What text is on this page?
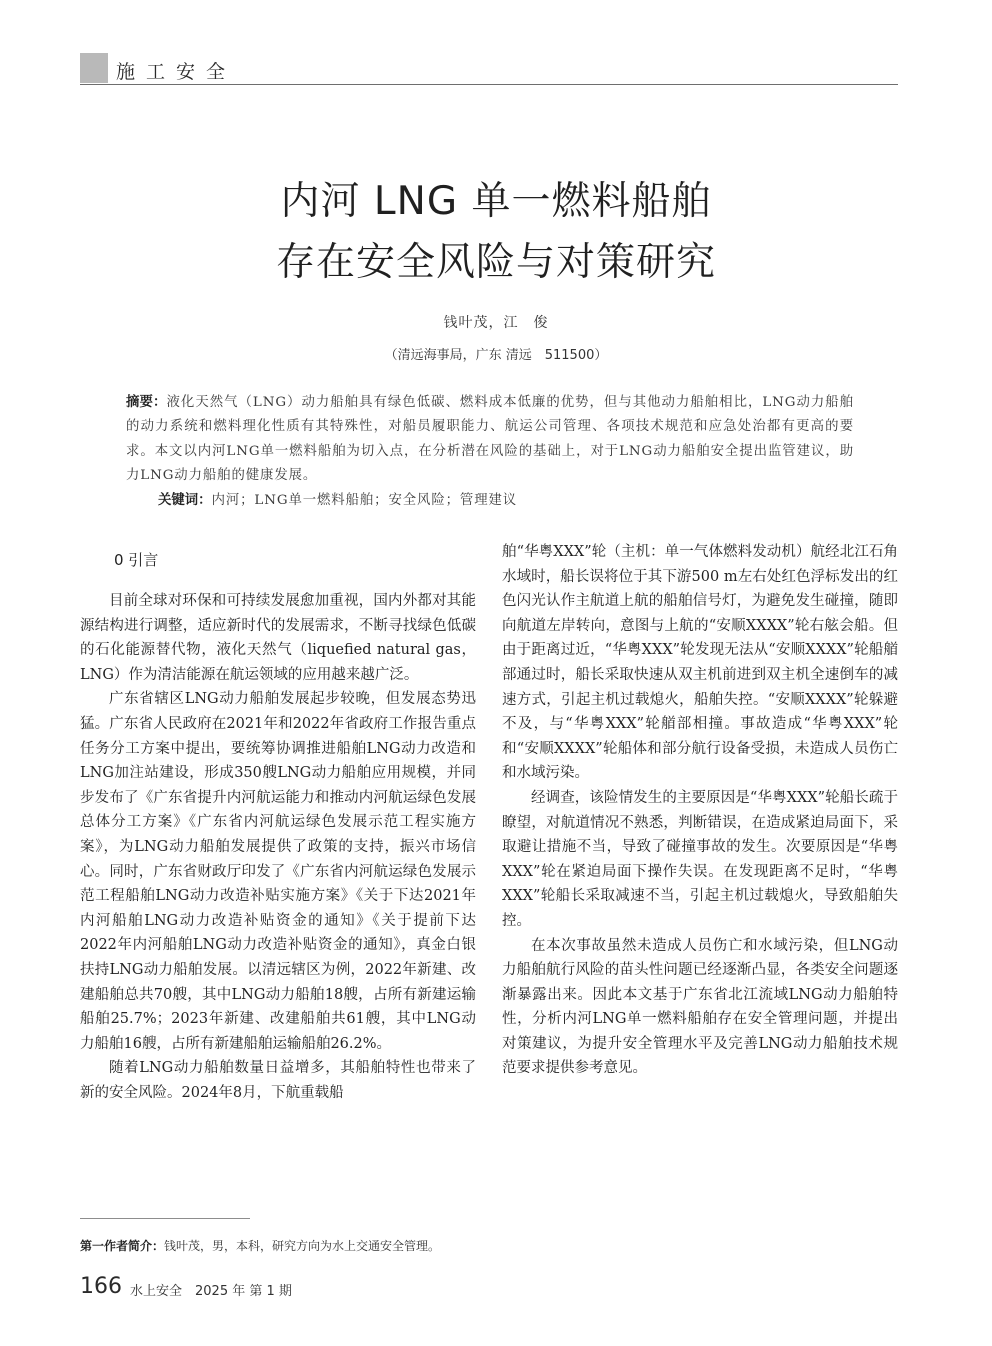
施工安全
内河 LNG 单一燃料船舶
存在安全风险与对策研究
钱叶茂，江　俊
（清远海事局，广东 清远　511500）
摘要：液化天然气（LNG）动力船舶具有绿色低碳、燃料成本低廉的优势，但与其他动力船舶相比，LNG动力船舶的动力系统和燃料理化性质有其特殊性，对船员履职能力、航运公司管理、各项技术规范和应急处治都有更高的要求。本文以内河LNG单一燃料船舶为切入点，在分析潜在风险的基础上，对于LNG动力船舶安全提出监管建议，助力LNG动力船舶的健康发展。
关键词：内河；LNG单一燃料船舶；安全风险；管理建议
0 引言

目前全球对环保和可持续发展愈加重视，国内外都对其能源结构进行调整，适应新时代的发展需求，不断寻找绿色低碳的石化能源替代物，液化天然气（liquefied natural gas，LNG）作为清洁能源在航运领域的应用越来越广泛。

广东省辖区LNG动力船舶发展起步较晚，但发展态势迅猛。广东省人民政府在2021年和2022年省政府工作报告重点任务分工方案中提出，要统筹协调推进船舶LNG动力改造和LNG加注站建设，形成350艘LNG动力船舶应用规模，并同步发布了《广东省提升内河航运能力和推动内河航运绿色发展总体分工方案》《广东省内河航运绿色发展示范工程实施方案》，为LNG动力船舶发展提供了政策的支持，振兴市场信心。同时，广东省财政厅印发了《广东省内河航运绿色发展示范工程船舶LNG动力改造补贴实施方案》《关于下达2021年内河船舶LNG动力改造补贴资金的通知》《关于提前下达2022年内河船舶LNG动力改造补贴资金的通知》，真金白银扶持LNG动力船舶发展。以清远辖区为例，2022年新建、改建船舶总共70艘，其中LNG动力船舶18艘，占所有新建运输船舶25.7%；2023年新建、改建船舶共61艘，其中LNG动力船舶16艘，占所有新建船舶运输船舶26.2%。

随着LNG动力船舶数量日益增多，其船舶特性也带来了新的安全风险。2024年8月，下航重载船

舶“华粤XXX”轮（主机：单一气体燃料发动机）航经北江石角水域时，船长误将位于其下游500 m左右处红色浮标发出的红色闪光认作主航道上航的船舶信号灯，为避免发生碰撞，随即向航道左岸转向，意图与上航的“安顺XXXX”轮右舷会船。但由于距离过近，“华粤XXX”轮发现无法从“安顺XXXX”轮船艏部通过时，船长采取快速从双主机前进到双主机全速倒车的减速方式，引起主机过载熄火，船舶失控。“安顺XXXX”轮躲避不及，与“华粤XXX”轮艏部相撞。事故造成“华粤XXX”轮和“安顺XXXX”轮船体和部分航行设备受损，未造成人员伤亡和水域污染。

经调查，该险情发生的主要原因是“华粤XXX”轮船长疏于瞭望，对航道情况不熟悉，判断错误，在造成紧迫局面下，采取避让措施不当，导致了碰撞事故的发生。次要原因是“华粤XXX”轮在紧迫局面下操作失误。在发现距离不足时，“华粤XXX”轮船长采取减速不当，引起主机过载熄火，导致船舶失控。

在本次事故虽然未造成人员伤亡和水域污染，但LNG动力船舶航行风险的苗头性问题已经逐渐凸显，各类安全问题逐渐暴露出来。因此本文基于广东省北江流域LNG动力船舶特性，分析内河LNG单一燃料船舶存在安全管理问题，并提出对策建议，为提升安全管理水平及完善LNG动力船舶技术规范要求提供参考意见。

第一作者简介：钱叶茂，男，本科，研究方向为水上交通安全管理。
166 水上安全　2025 年 第 1 期
